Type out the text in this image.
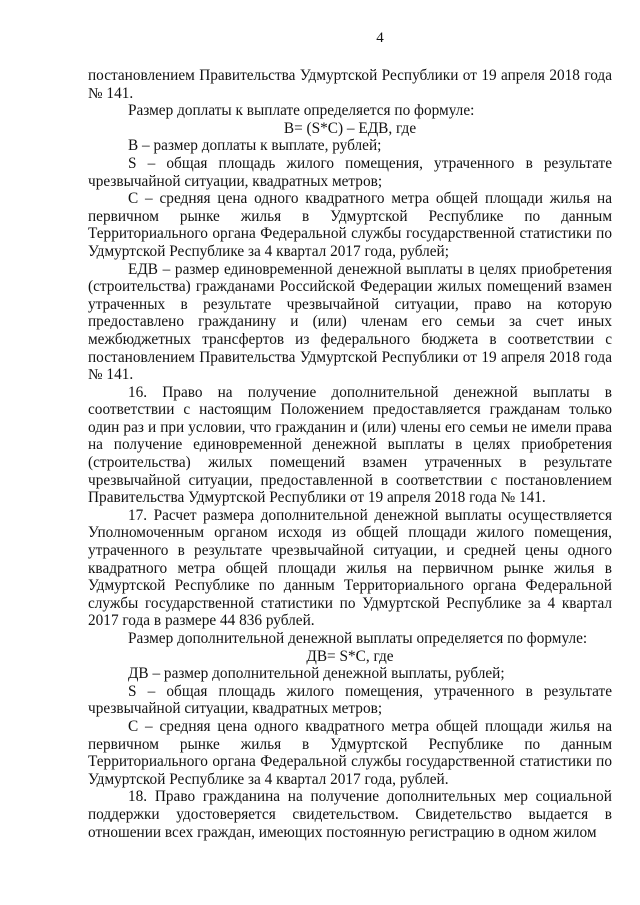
4

постановлением Правительства Удмуртской Республики от 19 апреля 2018 года № 141.

Размер доплаты к выплате определяется по формуле:

В= (S*С) – ЕДВ, где

В – размер доплаты к выплате, рублей;

S – общая площадь жилого помещения, утраченного в результате чрезвычайной ситуации, квадратных метров;

С – средняя цена одного квадратного метра общей площади жилья на первичном рынке жилья в Удмуртской Республике по данным Территориального органа Федеральной службы государственной статистики по Удмуртской Республике за 4 квартал 2017 года, рублей;

ЕДВ – размер единовременной денежной выплаты в целях приобретения (строительства) гражданами Российской Федерации жилых помещений взамен утраченных в результате чрезвычайной ситуации, право на которую предоставлено гражданину и (или) членам его семьи за счет иных межбюджетных трансфертов из федерального бюджета в соответствии с постановлением Правительства Удмуртской Республики от 19 апреля 2018 года № 141.

16. Право на получение дополнительной денежной выплаты в соответствии с настоящим Положением предоставляется гражданам только один раз и при условии, что гражданин и (или) члены его семьи не имели права на получение единовременной денежной выплаты в целях приобретения (строительства) жилых помещений взамен утраченных в результате чрезвычайной ситуации, предоставленной в соответствии с постановлением Правительства Удмуртской Республики от 19 апреля 2018 года № 141.

17. Расчет размера дополнительной денежной выплаты осуществляется Уполномоченным органом исходя из общей площади жилого помещения, утраченного в результате чрезвычайной ситуации, и средней цены одного квадратного метра общей площади жилья на первичном рынке жилья в Удмуртской Республике по данным Территориального органа Федеральной службы государственной статистики по Удмуртской Республике за 4 квартал 2017 года в размере 44 836 рублей.

Размер дополнительной денежной выплаты определяется по формуле:

ДВ= S*С, где

ДВ – размер дополнительной денежной выплаты, рублей;

S – общая площадь жилого помещения, утраченного в результате чрезвычайной ситуации, квадратных метров;

С – средняя цена одного квадратного метра общей площади жилья на первичном рынке жилья в Удмуртской Республике по данным Территориального органа Федеральной службы государственной статистики по Удмуртской Республике за 4 квартал 2017 года, рублей.

18. Право гражданина на получение дополнительных мер социальной поддержки удостоверяется свидетельством. Свидетельство выдается в отношении всех граждан, имеющих постоянную регистрацию в одном жилом
